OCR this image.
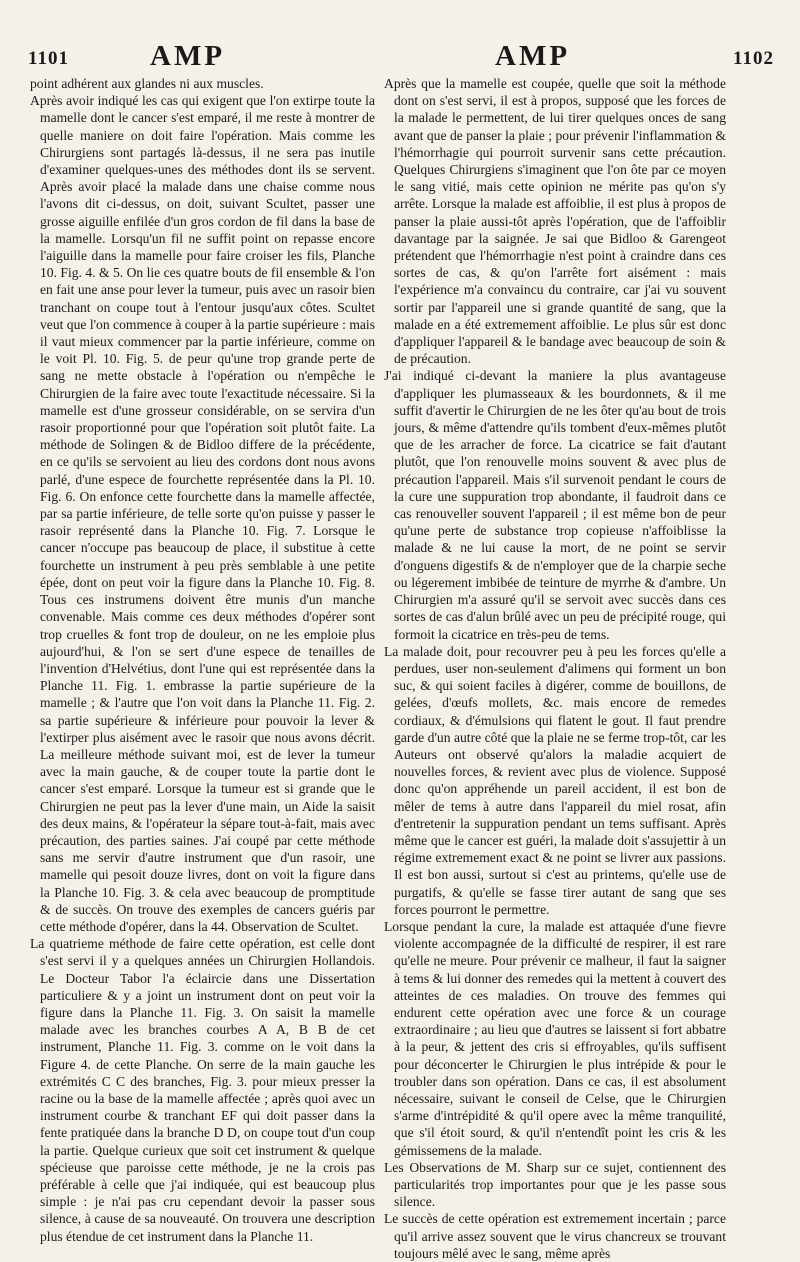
1101	AMP	AMP	1102

point adhérent aux glandes ni aux muscles.

Après avoir indiqué les cas qui exigent que l'on extirpe toute la mamelle dont le cancer s'est emparé, il me reste à montrer de quelle maniere on doit faire l'opération. Mais comme les Chirurgiens sont partagés là-dessus, il ne sera pas inutile d'examiner quelques-unes des méthodes dont ils se servent. Après avoir placé la malade dans une chaise comme nous l'avons dit ci-dessus, on doit, suivant Scultet, passer une grosse aiguille enfilée d'un gros cordon de fil dans la base de la mamelle. Lorsqu'un fil ne suffit point on repasse encore l'aiguille dans la mamelle pour faire croiser les fils, Planche 10. Fig. 4. & 5. On lie ces quatre bouts de fil ensemble & l'on en fait une anse pour lever la tumeur, puis avec un rasoir bien tranchant on coupe tout à l'entour jusqu'aux côtes. Scultet veut que l'on commence à couper à la partie supérieure : mais il vaut mieux commencer par la partie inférieure, comme on le voit Pl. 10. Fig. 5. de peur qu'une trop grande perte de sang ne mette obstacle à l'opération ou n'empêche le Chirurgien de la faire avec toute l'exactitude nécessaire. Si la mamelle est d'une grosseur considérable, on se servira d'un rasoir proportionné pour que l'opération soit plutôt faite. La méthode de Solingen & de Bidloo differe de la précédente, en ce qu'ils se servoient au lieu des cordons dont nous avons parlé, d'une espece de fourchette représentée dans la Pl. 10. Fig. 6. On enfonce cette fourchette dans la mamelle affectée, par sa partie inférieure, de telle sorte qu'on puisse y passer le rasoir représenté dans la Planche 10. Fig. 7. Lorsque le cancer n'occupe pas beaucoup de place, il substitue à cette fourchette un instrument à peu près semblable à une petite épée, dont on peut voir la figure dans la Planche 10. Fig. 8. Tous ces instrumens doivent être munis d'un manche convenable. Mais comme ces deux méthodes d'opérer sont trop cruelles & font trop de douleur, on ne les emploie plus aujourd'hui, & l'on se sert d'une espece de tenailles de l'invention d'Helvétius, dont l'une qui est représentée dans la Planche 11. Fig. 1. embrasse la partie supérieure de la mamelle ; & l'autre que l'on voit dans la Planche 11. Fig. 2. sa partie supérieure & inférieure pour pouvoir la lever & l'extirper plus aisément avec le rasoir que nous avons décrit. La meilleure méthode suivant moi, est de lever la tumeur avec la main gauche, & de couper toute la partie dont le cancer s'est emparé. Lorsque la tumeur est si grande que le Chirurgien ne peut pas la lever d'une main, un Aide la saisit des deux mains, & l'opérateur la sépare tout-à-fait, mais avec précaution, des parties saines. J'ai coupé par cette méthode sans me servir d'autre instrument que d'un rasoir, une mamelle qui pesoit douze livres, dont on voit la figure dans la Planche 10. Fig. 3. & cela avec beaucoup de promptitude & de succès. On trouve des exemples de cancers guéris par cette méthode d'opérer, dans la 44. Observation de Scultet.

La quatrieme méthode de faire cette opération, est celle dont s'est servi il y a quelques années un Chirurgien Hollandois. Le Docteur Tabor l'a éclaircie dans une Dissertation particuliere & y a joint un instrument dont on peut voir la figure dans la Planche 11. Fig. 3. On saisit la mamelle malade avec les branches courbes A A, B B de cet instrument, Planche 11. Fig. 3. comme on le voit dans la Figure 4. de cette Planche. On serre de la main gauche les extrémités C C des branches, Fig. 3. pour mieux presser la racine ou la base de la mamelle affectée ; après quoi avec un instrument courbe & tranchant EF qui doit passer dans la fente pratiquée dans la branche D D, on coupe tout d'un coup la partie. Quelque curieux que soit cet instrument & quelque spécieuse que paroisse cette méthode, je ne la crois pas préférable à celle que j'ai indiquée, qui est beaucoup plus simple : je n'ai pas cru cependant devoir la passer sous silence, à cause de sa nouveauté. On trouvera une description plus étendue de cet instrument dans la Planche 11.

Après que la mamelle est coupée, quelle que soit la méthode dont on s'est servi, il est à propos, supposé que les forces de la malade le permettent, de lui tirer quelques onces de sang avant que de panser la plaie ; pour prévenir l'inflammation & l'hémorrhagie qui pourroit survenir sans cette précaution. Quelques Chirurgiens s'imaginent que l'on ôte par ce moyen le sang vitié, mais cette opinion ne mérite pas qu'on s'y arrête. Lorsque la malade est affoiblie, il est plus à propos de panser la plaie aussi-tôt après l'opération, que de l'affoiblir davantage par la saignée. Je sai que Bidloo & Garengeot prétendent que l'hémorrhagie n'est point à craindre dans ces sortes de cas, & qu'on l'arrête fort aisément : mais l'expérience m'a convaincu du contraire, car j'ai vu souvent sortir par l'appareil une si grande quantité de sang, que la malade en a été extremement affoiblie. Le plus sûr est donc d'appliquer l'appareil & le bandage avec beaucoup de soin & de précaution.

J'ai indiqué ci-devant la maniere la plus avantageuse d'appliquer les plumasseaux & les bourdonnets, & il me suffit d'avertir le Chirurgien de ne les ôter qu'au bout de trois jours, & même d'attendre qu'ils tombent d'eux-mêmes plutôt que de les arracher de force. La cicatrice se fait d'autant plutôt, que l'on renouvelle moins souvent & avec plus de précaution l'appareil. Mais s'il survenoit pendant le cours de la cure une suppuration trop abondante, il faudroit dans ce cas renouveller souvent l'appareil ; il est même bon de peur qu'une perte de substance trop copieuse n'affoiblisse la malade & ne lui cause la mort, de ne point se servir d'onguens digestifs & de n'employer que de la charpie seche ou légerement imbibée de teinture de myrrhe & d'ambre. Un Chirurgien m'a assuré qu'il se servoit avec succès dans ces sortes de cas d'alun brûlé avec un peu de précipité rouge, qui formoit la cicatrice en très-peu de tems.

La malade doit, pour recouvrer peu à peu les forces qu'elle a perdues, user non-seulement d'alimens qui forment un bon suc, & qui soient faciles à digérer, comme de bouillons, de gelées, d'œufs mollets, &c. mais encore de remedes cordiaux, & d'émulsions qui flatent le gout. Il faut prendre garde d'un autre côté que la plaie ne se ferme trop-tôt, car les Auteurs ont observé qu'alors la maladie acquiert de nouvelles forces, & revient avec plus de violence. Supposé donc qu'on appréhende un pareil accident, il est bon de mêler de tems à autre dans l'appareil du miel rosat, afin d'entretenir la suppuration pendant un tems suffisant. Après même que le cancer est guéri, la malade doit s'assujettir à un régime extremement exact & ne point se livrer aux passions. Il est bon aussi, surtout si c'est au printems, qu'elle use de purgatifs, & qu'elle se fasse tirer autant de sang que ses forces pourront le permettre.

Lorsque pendant la cure, la malade est attaquée d'une fievre violente accompagnée de la difficulté de respirer, il est rare qu'elle ne meure. Pour prévenir ce malheur, il faut la saigner à tems & lui donner des remedes qui la mettent à couvert des atteintes de ces maladies. On trouve des femmes qui endurent cette opération avec une force & un courage extraordinaire ; au lieu que d'autres se laissent si fort abbatre à la peur, & jettent des cris si effroyables, qu'ils suffisent pour déconcerter le Chirurgien le plus intrépide & pour le troubler dans son opération. Dans ce cas, il est absolument nécessaire, suivant le conseil de Celse, que le Chirurgien s'arme d'intrépidité & qu'il opere avec la même tranquilité, que s'il étoit sourd, & qu'il n'entendît point les cris & les gémissemens de la malade.

Les Observations de M. Sharp sur ce sujet, contiennent des particularités trop importantes pour que je les passe sous silence.

Le succès de cette opération est extremement incertain ; parce qu'il arrive assez souvent que le virus chancreux se trouvant toujours mêlé avec le sang, même après
